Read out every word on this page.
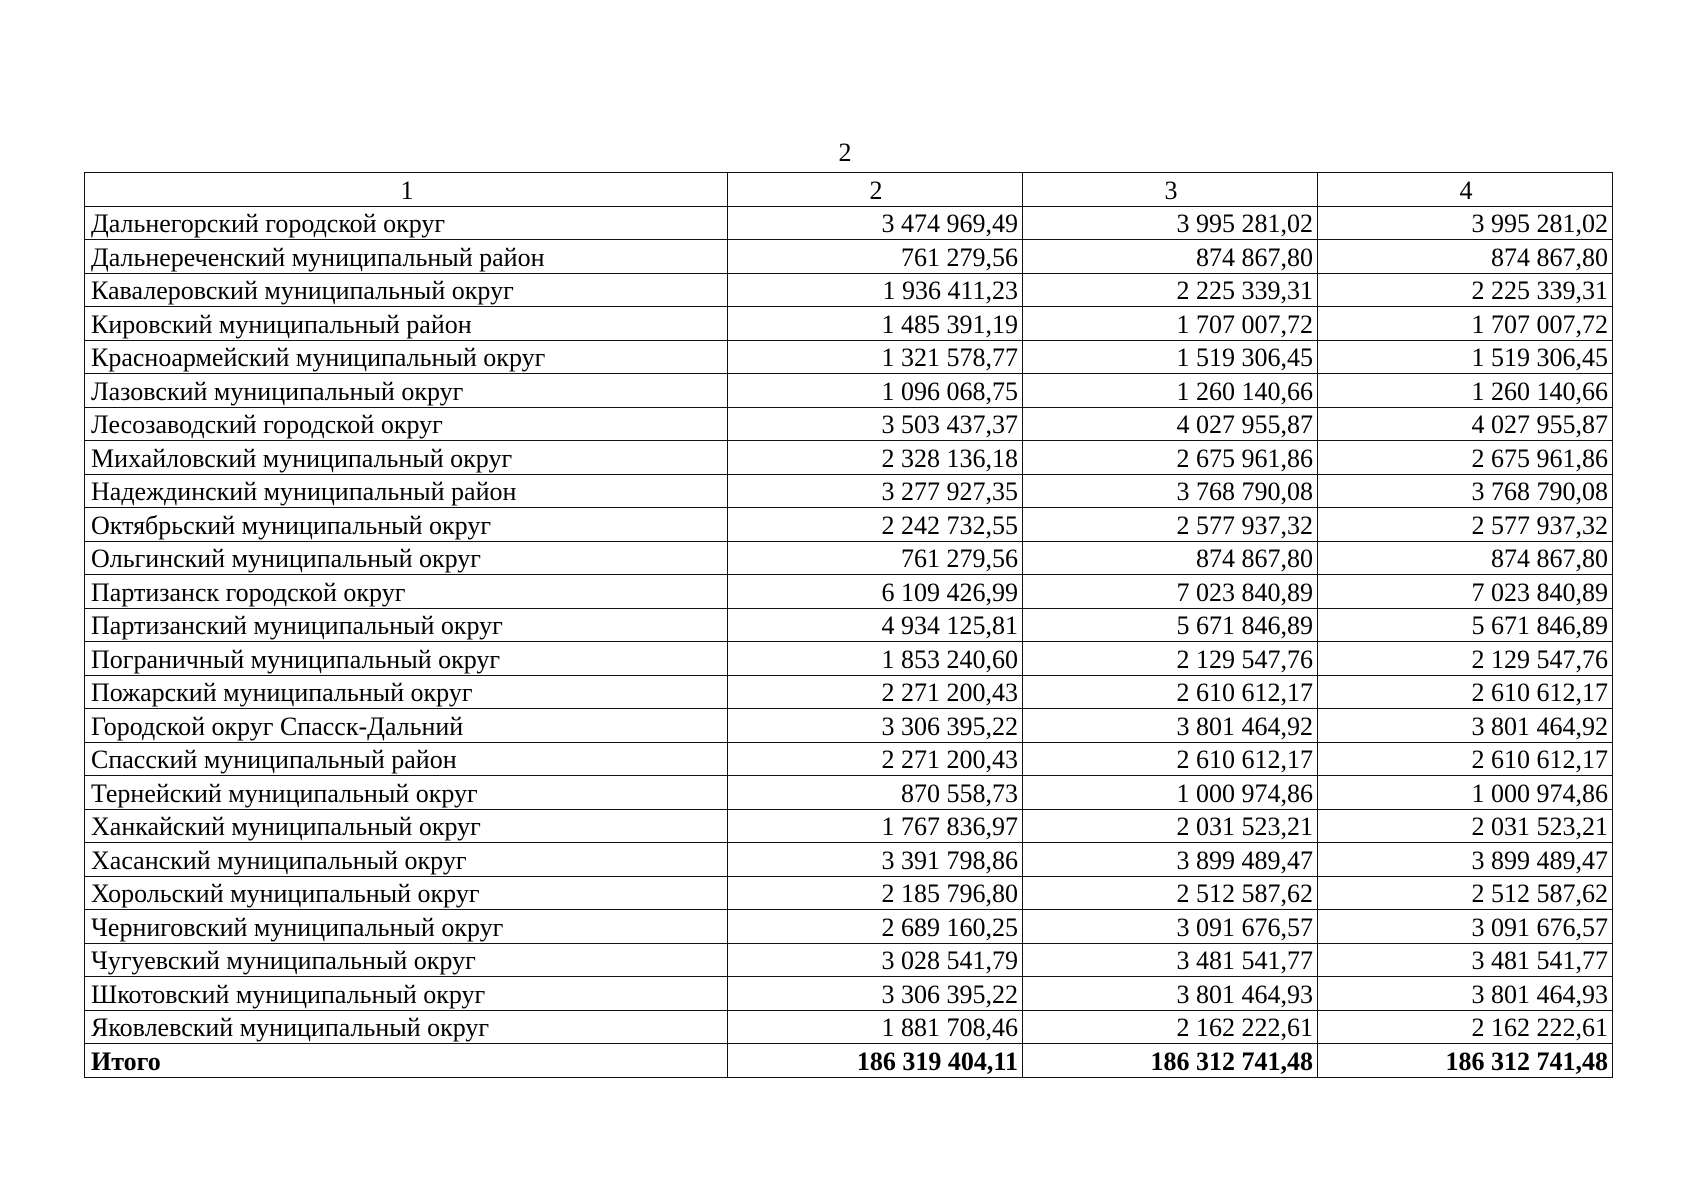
2
1	2	3	4
Дальнегорский городской округ	3 474 969,49	3 995 281,02	3 995 281,02
Дальнереченский муниципальный район	761 279,56	874 867,80	874 867,80
Кавалеровский муниципальный округ	1 936 411,23	2 225 339,31	2 225 339,31
Кировский муниципальный район	1 485 391,19	1 707 007,72	1 707 007,72
Красноармейский муниципальный округ	1 321 578,77	1 519 306,45	1 519 306,45
Лазовский муниципальный округ	1 096 068,75	1 260 140,66	1 260 140,66
Лесозаводский городской округ	3 503 437,37	4 027 955,87	4 027 955,87
Михайловский муниципальный округ	2 328 136,18	2 675 961,86	2 675 961,86
Надеждинский муниципальный район	3 277 927,35	3 768 790,08	3 768 790,08
Октябрьский муниципальный округ	2 242 732,55	2 577 937,32	2 577 937,32
Ольгинский муниципальный округ	761 279,56	874 867,80	874 867,80
Партизанск городской округ	6 109 426,99	7 023 840,89	7 023 840,89
Партизанский муниципальный округ	4 934 125,81	5 671 846,89	5 671 846,89
Пограничный муниципальный округ	1 853 240,60	2 129 547,76	2 129 547,76
Пожарский муниципальный округ	2 271 200,43	2 610 612,17	2 610 612,17
Городской округ Спасск-Дальний	3 306 395,22	3 801 464,92	3 801 464,92
Спасский муниципальный район	2 271 200,43	2 610 612,17	2 610 612,17
Тернейский муниципальный округ	870 558,73	1 000 974,86	1 000 974,86
Ханкайский муниципальный округ	1 767 836,97	2 031 523,21	2 031 523,21
Хасанский муниципальный округ	3 391 798,86	3 899 489,47	3 899 489,47
Хорольский муниципальный округ	2 185 796,80	2 512 587,62	2 512 587,62
Черниговский муниципальный округ	2 689 160,25	3 091 676,57	3 091 676,57
Чугуевский муниципальный округ	3 028 541,79	3 481 541,77	3 481 541,77
Шкотовский муниципальный округ	3 306 395,22	3 801 464,93	3 801 464,93
Яковлевский муниципальный округ	1 881 708,46	2 162 222,61	2 162 222,61
Итого	186 319 404,11	186 312 741,48	186 312 741,48
